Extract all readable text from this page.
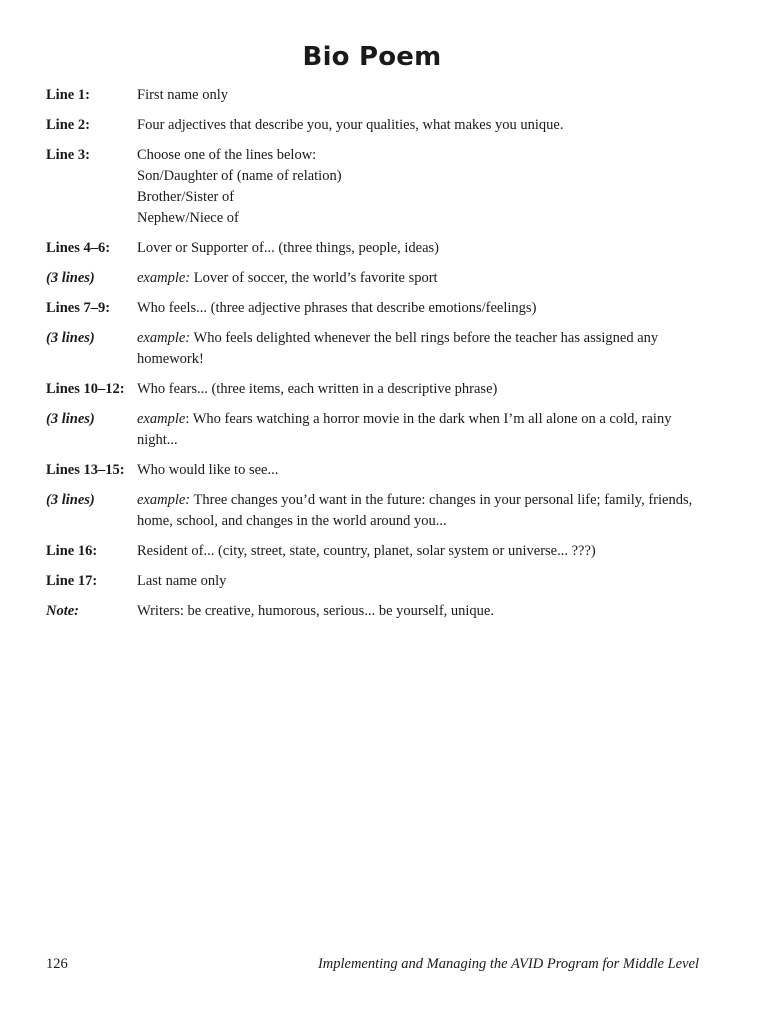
Bio Poem
Line 1:	First name only
Line 2:	Four adjectives that describe you, your qualities, what makes you unique.
Line 3:	Choose one of the lines below:
Son/Daughter of (name of relation)
Brother/Sister of
Nephew/Niece of
Lines 4–6:	Lover or Supporter of... (three things, people, ideas)
(3 lines)	example: Lover of soccer, the world’s favorite sport
Lines 7–9:	Who feels... (three adjective phrases that describe emotions/feelings)
(3 lines)	example: Who feels delighted whenever the bell rings before the teacher has assigned any homework!
Lines 10–12: Who fears... (three items, each written in a descriptive phrase)
(3 lines)	example: Who fears watching a horror movie in the dark when I’m all alone on a cold, rainy night...
Lines 13–15: Who would like to see...
(3 lines)	example: Three changes you’d want in the future: changes in your personal life; family, friends, home, school, and changes in the world around you...
Line 16:	Resident of... (city, street, state, country, planet, solar system or universe... ???)
Line 17:	Last name only
Note:	Writers: be creative, humorous, serious... be yourself, unique.
126	Implementing and Managing the AVID Program for Middle Level
